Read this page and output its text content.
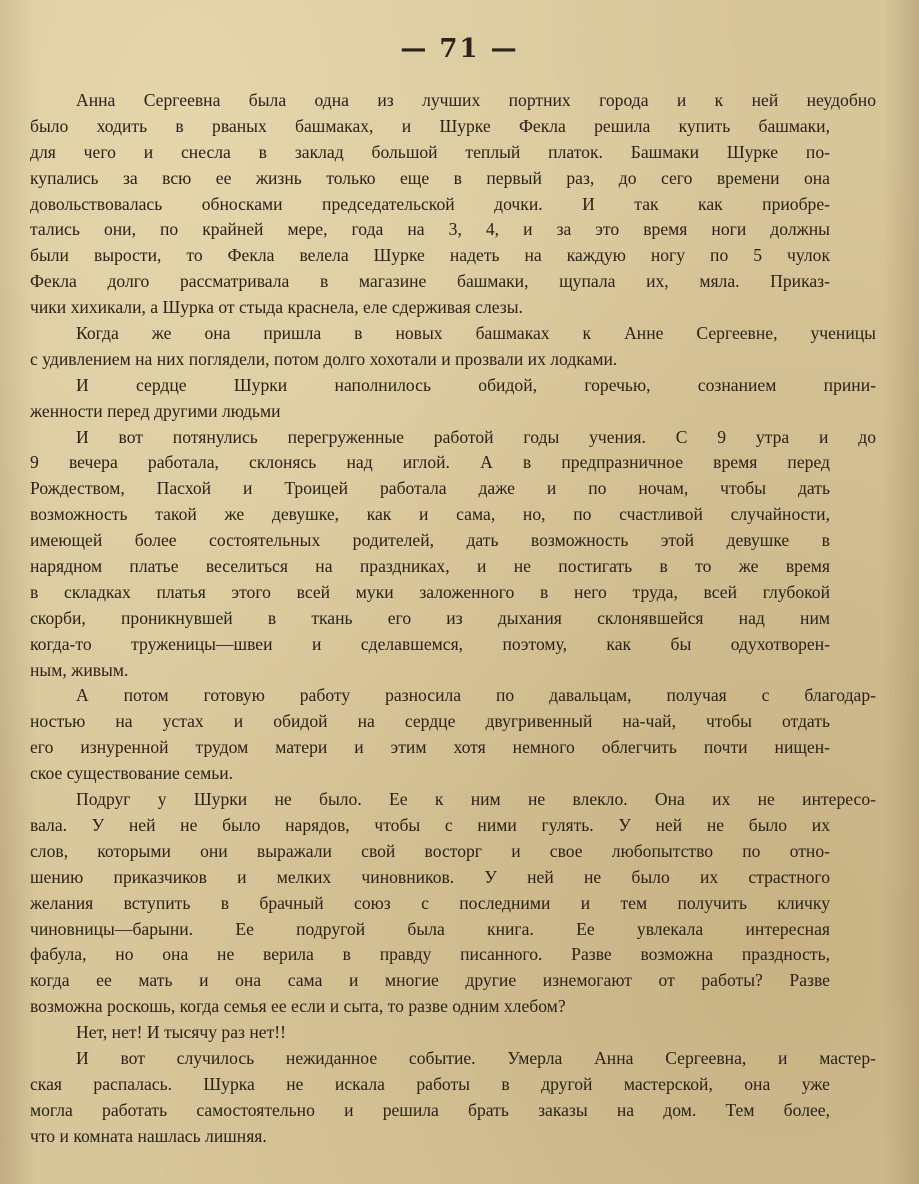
— 71 —
Анна Сергеевна была одна из лучших портних города и к ней неудобно
было ходить в рваных башмаках, и Шурке Фекла решила купить башмаки,
для чего и снесла в заклад большой теплый платок. Башмаки Шурке по-
купались за всю ее жизнь только еще в первый раз, до сего времени она
довольствовалась обносками председательской дочки. И так как приобре-
тались они, по крайней мере, года на 3, 4, и за это время ноги должны
были вырости, то Фекла велела Шурке надеть на каждую ногу по 5 чулок
Фекла долго рассматривала в магазине башмаки, щупала их, мяла. Приказ-
чики хихикали, а Шурка от стыда краснела, еле сдерживая слезы.
Когда же она пришла в новых башмаках к Анне Сергеевне, ученицы
с удивлением на них поглядели, потом долго хохотали и прозвали их лодками.
И сердце Шурки наполнилось обидой, горечью, сознанием прини-
женности перед другими людьми
И вот потянулись перегруженные работой годы учения. С 9 утра и до
9 вечера работала, склонясь над иглой. А в предпразничное время перед
Рождеством, Пасхой и Троицей работала даже и по ночам, чтобы дать
возможность такой же девушке, как и сама, но, по счастливой случайности,
имеющей более состоятельных родителей, дать возможность этой девушке в
нарядном платье веселиться на праздниках, и не постигать в то же время
в складках платья этого всей муки заложенного в него труда, всей глубокой
скорби, проникнувшей в ткань его из дыхания склонявшейся над ним
когда-то труженицы—швеи и сделавшемся, поэтому, как бы одухотворен-
ным, живым.
А потом готовую работу разносила по давальцам, получая с благодар-
ностью на устах и обидой на сердце двугривенный на-чай, чтобы отдать
его изнуренной трудом матери и этим хотя немного облегчить почти нищен-
ское существование семьи.
Подруг у Шурки не было. Ее к ним не влекло. Она их не интересо-
вала. У ней не было нарядов, чтобы с ними гулять. У ней не было их
слов, которыми они выражали свой восторг и свое любопытство по отно-
шению приказчиков и мелких чиновников. У ней не было их страстного
желания вступить в брачный союз с последними и тем получить кличку
чиновницы—барыни. Ее подругой была книга. Ее увлекала интересная
фабула, но она не верила в правду писанного. Разве возможна праздность,
когда ее мать и она сама и многие другие изнемогают от работы? Разве
возможна роскошь, когда семья ее если и сыта, то разве одним хлебом?
Нет, нет! И тысячу раз нет!!
И вот случилось нежиданное событие. Умерла Анна Сергеевна, и мастер-
ская распалась. Шурка не искала работы в другой мастерской, она уже
могла работать самостоятельно и решила брать заказы на дом. Тем более,
что и комната нашлась лишняя.
